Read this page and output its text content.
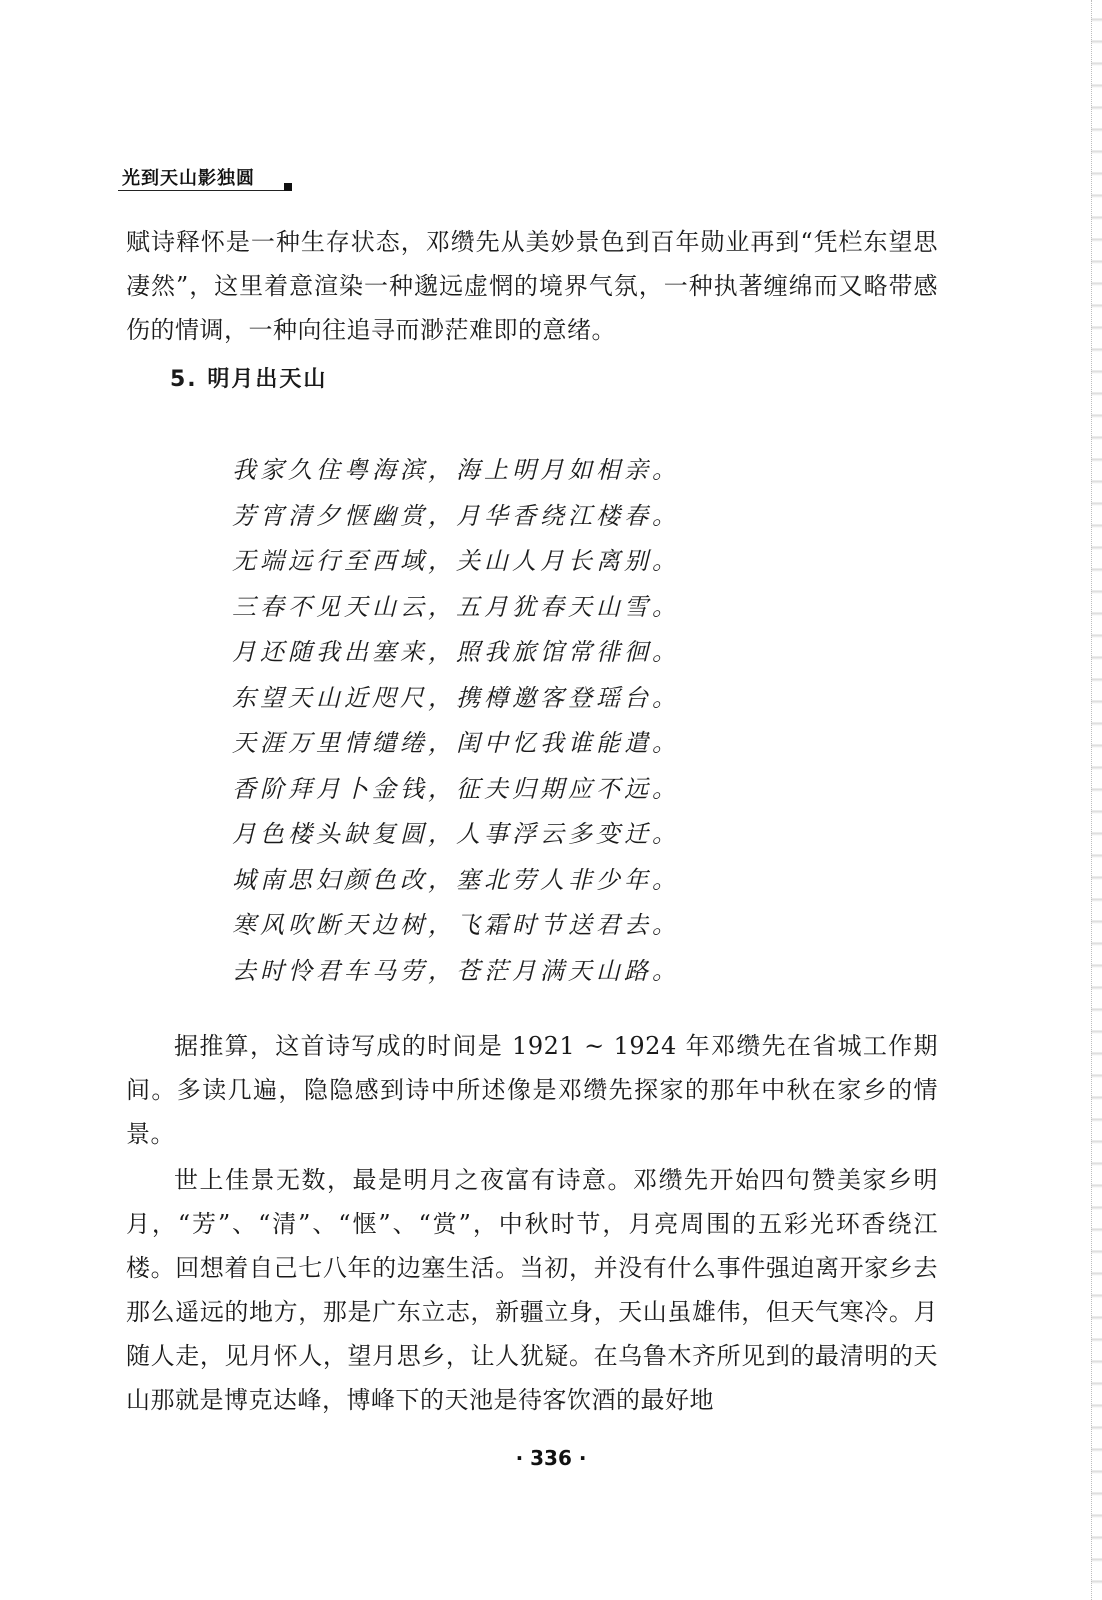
光到天山影独圆

赋诗释怀是一种生存状态，邓缵先从美妙景色到百年勋业再到“凭栏东望思凄然”，这里着意渲染一种邈远虚惘的境界气氛，一种执著缠绵而又略带感伤的情调，一种向往追寻而渺茫难即的意绪。

5. 明月出天山
我家久住粤海滨，海上明月如相亲。
芳宵清夕惬幽赏，月华香绕江楼春。
无端远行至西域，关山人月长离别。
三春不见天山云，五月犹春天山雪。
月还随我出塞来，照我旅馆常徘徊。
东望天山近咫尺，携樽邀客登瑶台。
天涯万里情缱绻，闺中忆我谁能遣。
香阶拜月卜金钱，征夫归期应不远。
月色楼头缺复圆，人事浮云多变迁。
城南思妇颜色改，塞北劳人非少年。
寒风吹断天边树，飞霜时节送君去。
去时怜君车马劳，苍茫月满天山路。

据推算，这首诗写成的时间是 1921 ~ 1924 年邓缵先在省城工作期间。多读几遍，隐隐感到诗中所述像是邓缵先探家的那年中秋在家乡的情景。

世上佳景无数，最是明月之夜富有诗意。邓缵先开始四句赞美家乡明月，“芳”、“清”、“惬”、“赏”，中秋时节，月亮周围的五彩光环香绕江楼。回想着自己七八年的边塞生活。当初，并没有什么事件强迫离开家乡去那么遥远的地方，那是广东立志，新疆立身，天山虽雄伟，但天气寒冷。月随人走，见月怀人，望月思乡，让人犹疑。在乌鲁木齐所见到的最清明的天山那就是博克达峰，博峰下的天池是待客饮酒的最好地

· 336 ·
